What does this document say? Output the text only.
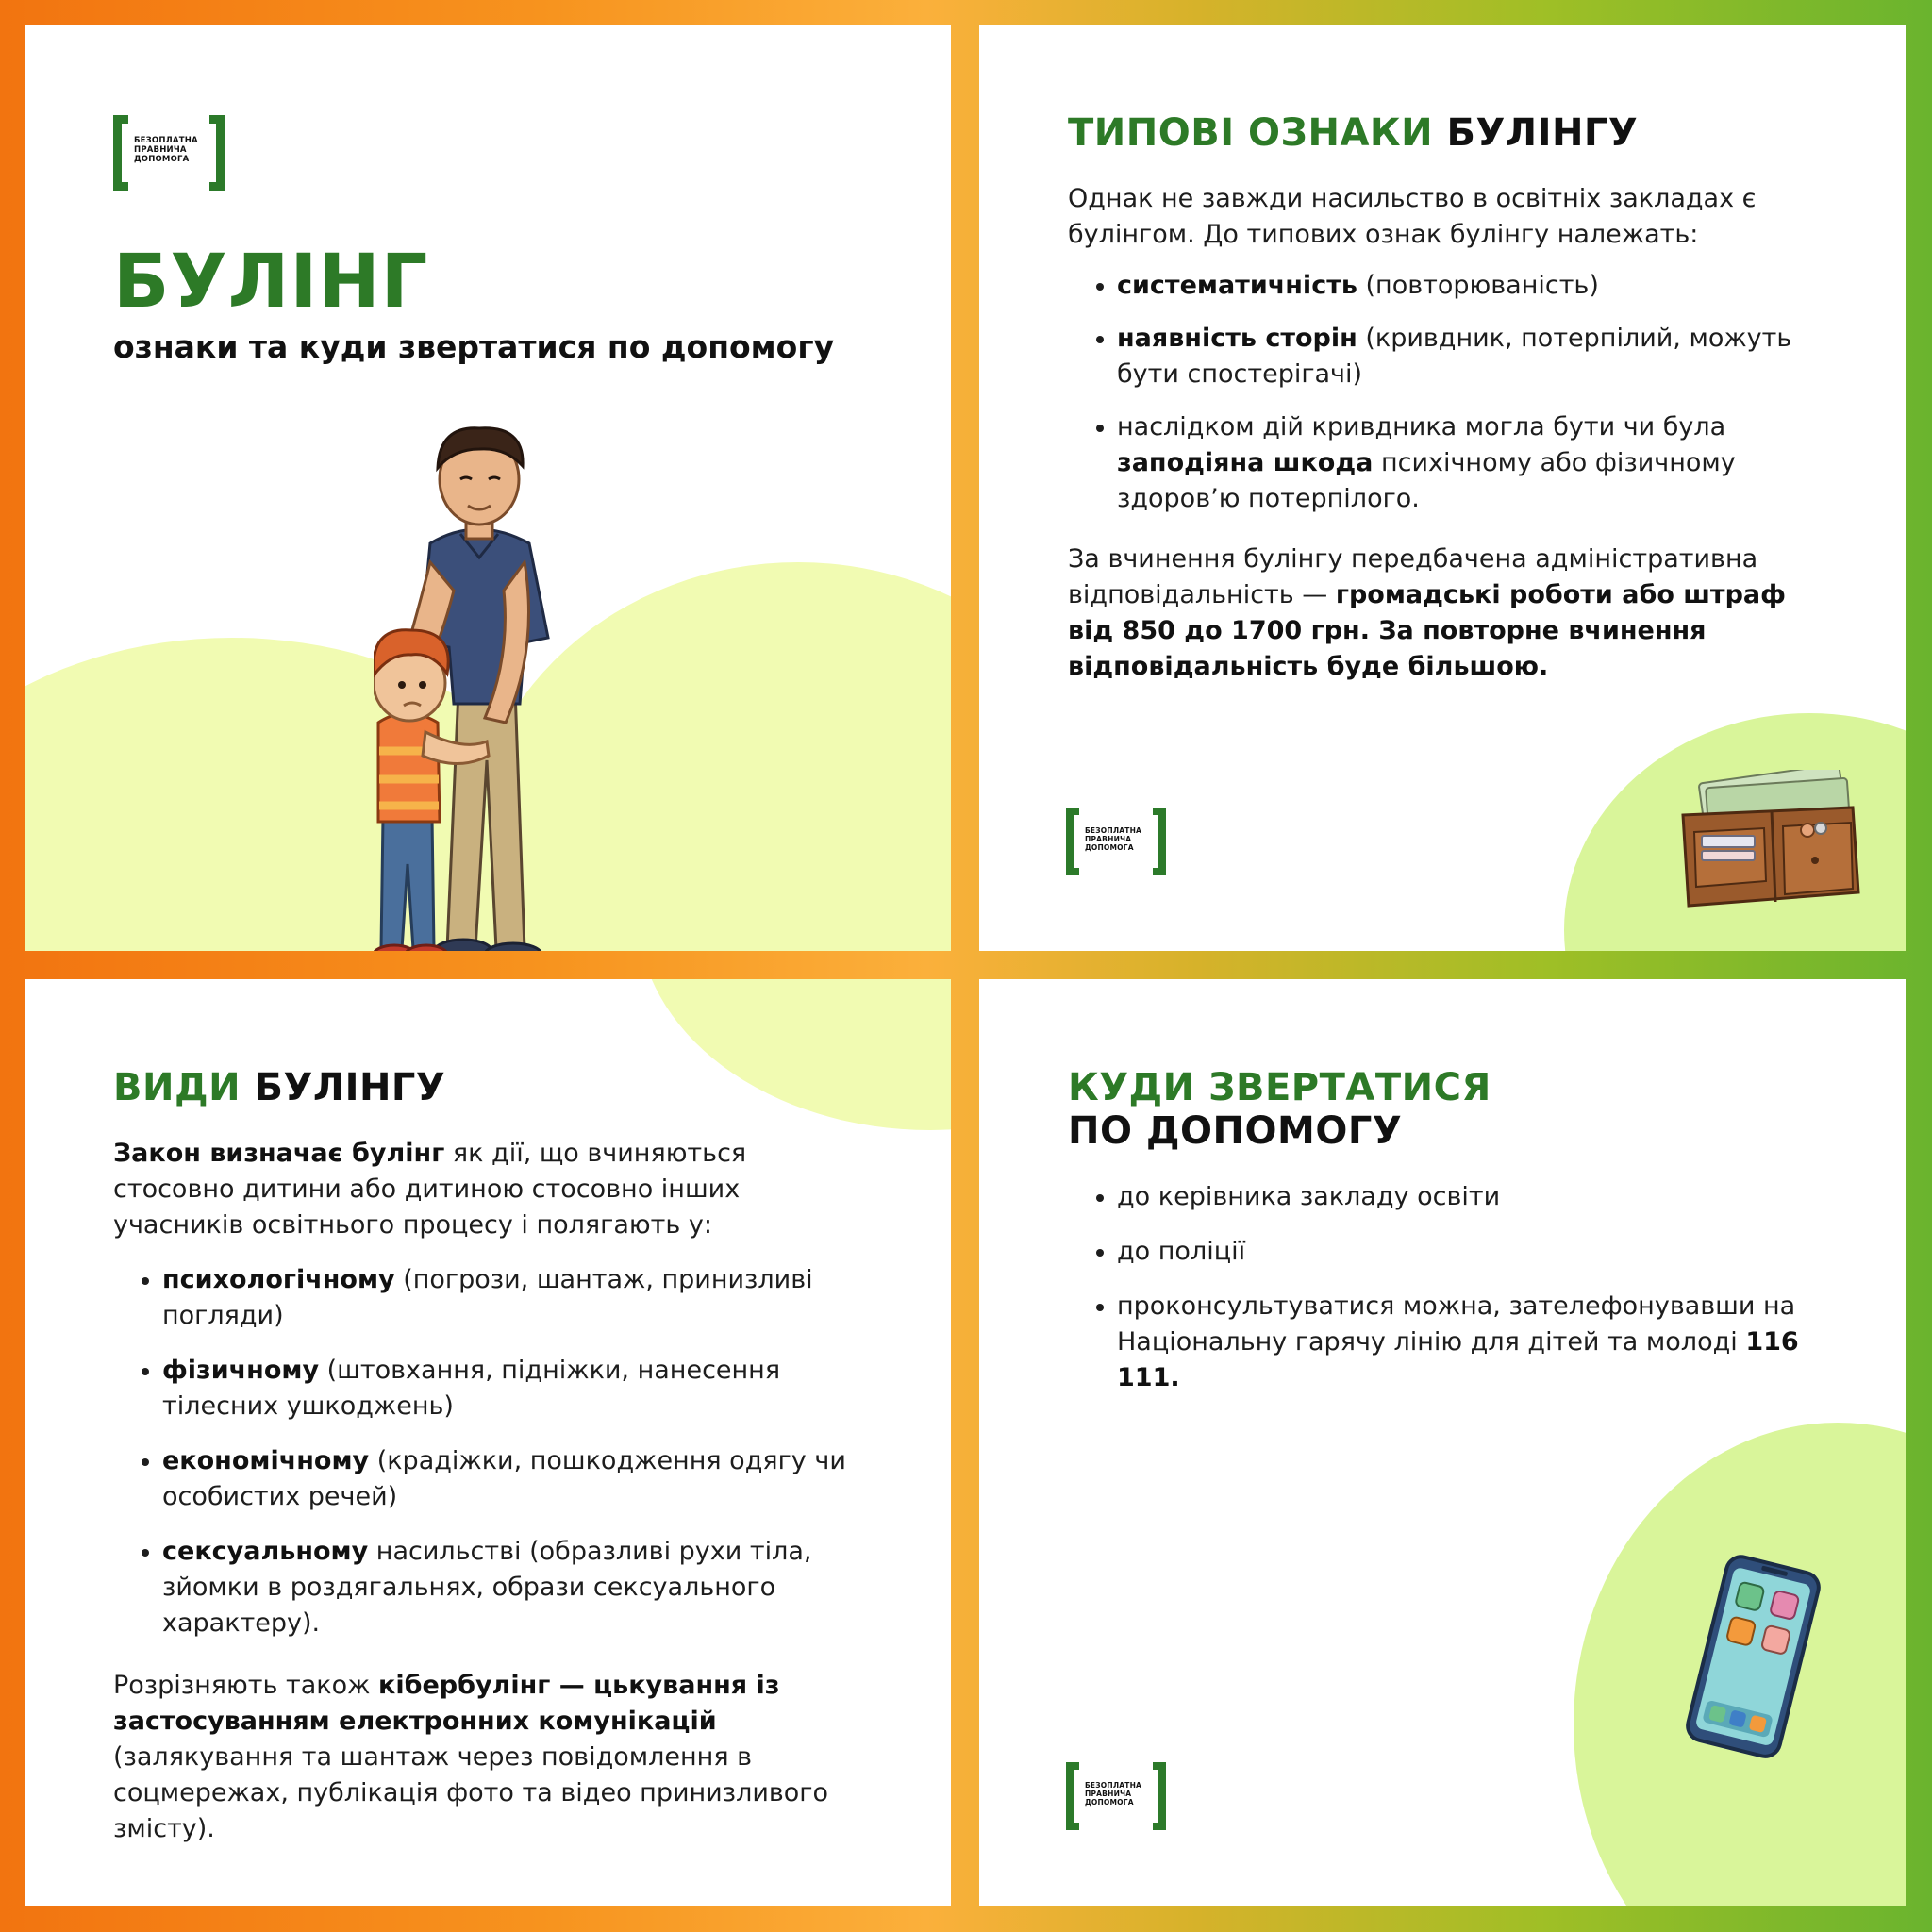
БЕЗОПЛАТНА
ПРАВНИЧА
ДОПОМОГА
БУЛІНГ

ознаки та куди звертатися по допомогу

ТИПОВІ ОЗНАКИ БУЛІНГУ

Однак не завжди насильство в освітніх закладах є булінгом. До типових ознак булінгу належать:

систематичність (повторюваність)
наявність сторін (кривдник, потерпілий, можуть бути спостерігачі)
наслідком дій кривдника могла бути чи була заподіяна шкода психічному або фізичному здоров’ю потерпілого.

За вчинення булінгу передбачена адміністративна відповідальність — громадські роботи або штраф від 850 до 1700 грн. За повторне вчинення відповідальність буде більшою.

БЕЗОПЛАТНА
ПРАВНИЧА
ДОПОМОГА
ВИДИ БУЛІНГУ

Закон визначає булінг як дії, що вчиняються стосовно дитини або дитиною стосовно інших учасників освітнього процесу і полягають у:

психологічному (погрози, шантаж, принизливі погляди)
фізичному (штовхання, підніжки, нанесення тілесних ушкоджень)
економічному (крадіжки, пошкодження одягу чи особистих речей)
сексуальному насильстві (образливі рухи тіла, зйомки в роздягальнях, образи сексуального характеру).

Розрізняють також кібербулінг — цькування із застосуванням електронних комунікацій (залякування та шантаж через повідомлення в соцмережах, публікація фото та відео принизливого змісту).

КУДИ ЗВЕРТАТИСЯ
ПО ДОПОМОГУ
до керівника закладу освіти
до поліції
проконсультуватися можна, зателефонувавши на Національну гарячу лінію для дітей та молоді 116 111.
БЕЗОПЛАТНА
ПРАВНИЧА
ДОПОМОГА
